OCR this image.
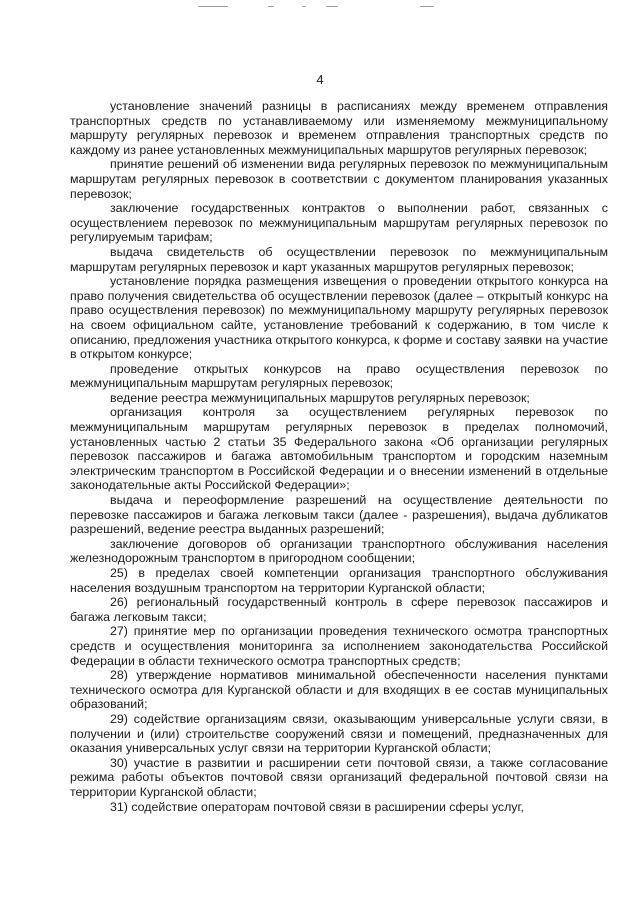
4

установление значений разницы в расписаниях между временем отправления транспортных средств по устанавливаемому или изменяемому межмуниципальному маршруту регулярных перевозок и временем отправления транспортных средств по каждому из ранее установленных межмуниципальных маршрутов регулярных перевозок;

принятие решений об изменении вида регулярных перевозок по межмуниципальным маршрутам регулярных перевозок в соответствии с документом планирования указанных перевозок;

заключение государственных контрактов о выполнении работ, связанных с осуществлением перевозок по межмуниципальным маршрутам регулярных перевозок по регулируемым тарифам;

выдача свидетельств об осуществлении перевозок по межмуниципальным маршрутам регулярных перевозок и карт указанных маршрутов регулярных перевозок;

установление порядка размещения извещения о проведении открытого конкурса на право получения свидетельства об осуществлении перевозок (далее – открытый конкурс на право осуществления перевозок) по межмуниципальному маршруту регулярных перевозок на своем официальном сайте, установление требований к содержанию, в том числе к описанию, предложения участника открытого конкурса, к форме и составу заявки на участие в открытом конкурсе;

проведение открытых конкурсов на право осуществления перевозок по межмуниципальным маршрутам регулярных перевозок;

ведение реестра межмуниципальных маршрутов регулярных перевозок;

организация контроля за осуществлением регулярных перевозок по межмуниципальным маршрутам регулярных перевозок в пределах полномочий, установленных частью 2 статьи 35 Федерального закона «Об организации регулярных перевозок пассажиров и багажа автомобильным транспортом и городским наземным электрическим транспортом в Российской Федерации и о внесении изменений в отдельные законодательные акты Российской Федерации»;

выдача и переоформление разрешений на осуществление деятельности по перевозке пассажиров и багажа легковым такси (далее - разрешения), выдача дубликатов разрешений, ведение реестра выданных разрешений;

заключение договоров об организации транспортного обслуживания населения железнодорожным транспортом в пригородном сообщении;

25) в пределах своей компетенции организация транспортного обслуживания населения воздушным транспортом на территории Курганской области;

26) региональный государственный контроль в сфере перевозок пассажиров и багажа легковым такси;

27) принятие мер по организации проведения технического осмотра транспортных средств и осуществления мониторинга за исполнением законодательства Российской Федерации в области технического осмотра транспортных средств;

28) утверждение нормативов минимальной обеспеченности населения пунктами технического осмотра для Курганской области и для входящих в ее состав муниципальных образований;

29) содействие организациям связи, оказывающим универсальные услуги связи, в получении и (или) строительстве сооружений связи и помещений, предназначенных для оказания универсальных услуг связи на территории Курганской области;

30) участие в развитии и расширении сети почтовой связи, а также согласование режима работы объектов почтовой связи организаций федеральной почтовой связи на территории Курганской области;

31) содействие операторам почтовой связи в расширении сферы услуг,
